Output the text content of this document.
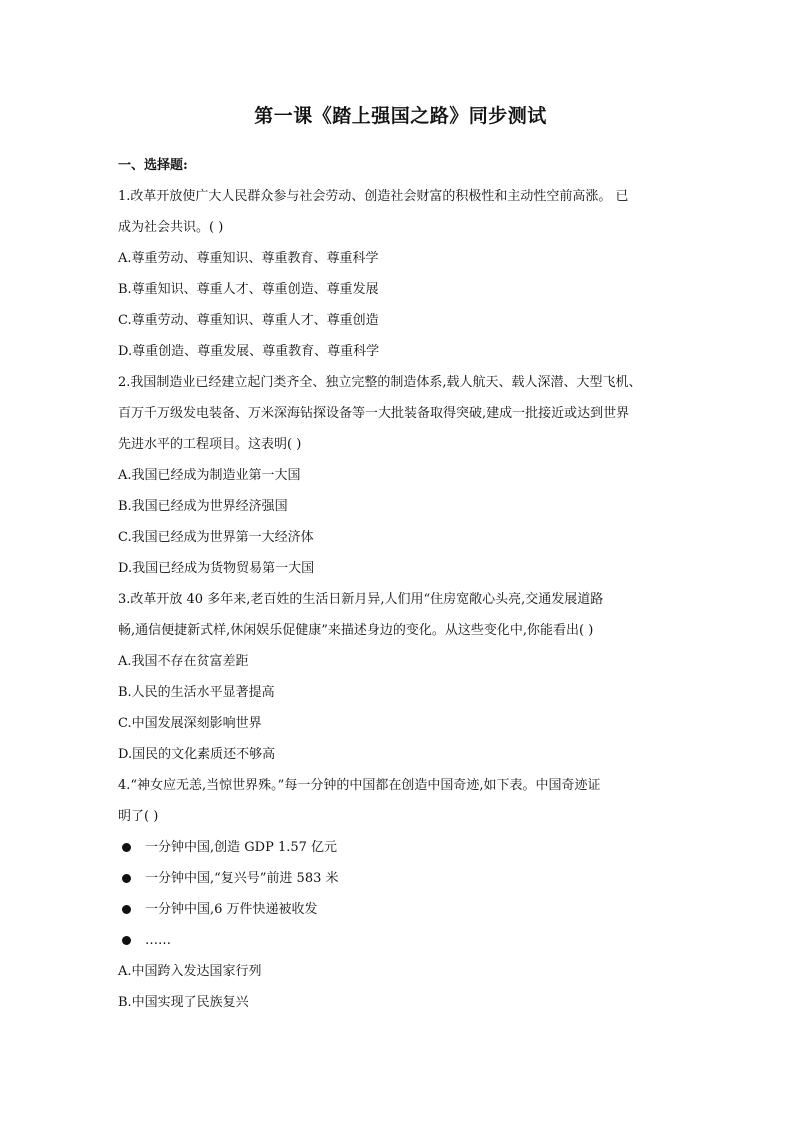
第一课《踏上强国之路》同步测试
一、选择题:
1.改革开放使广大人民群众参与社会劳动、创造社会财富的积极性和主动性空前高涨。 已
成为社会共识。( )
A.尊重劳动、尊重知识、尊重教育、尊重科学
B.尊重知识、尊重人才、尊重创造、尊重发展
C.尊重劳动、尊重知识、尊重人才、尊重创造
D.尊重创造、尊重发展、尊重教育、尊重科学
2.我国制造业已经建立起门类齐全、独立完整的制造体系,载人航天、载人深潜、大型飞机、
百万千万级发电装备、万米深海钻探设备等一大批装备取得突破,建成一批接近或达到世界
先进水平的工程项目。这表明( )
A.我国已经成为制造业第一大国
B.我国已经成为世界经济强国
C.我国已经成为世界第一大经济体
D.我国已经成为货物贸易第一大国
3.改革开放 40 多年来,老百姓的生活日新月异,人们用“住房宽敞心头亮,交通发展道路
畅,通信便捷新式样,休闲娱乐促健康”来描述身边的变化。从这些变化中,你能看出( )
A.我国不存在贫富差距
B.人民的生活水平显著提高
C.中国发展深刻影响世界
D.国民的文化素质还不够高
4.“神女应无恙,当惊世界殊。”每一分钟的中国都在创造中国奇迹,如下表。中国奇迹证
明了( )
一分钟中国,创造 GDP 1.57 亿元
一分钟中国,“复兴号”前进 583 米
一分钟中国,6 万件快递被收发
……
A.中国跨入发达国家行列
B.中国实现了民族复兴
